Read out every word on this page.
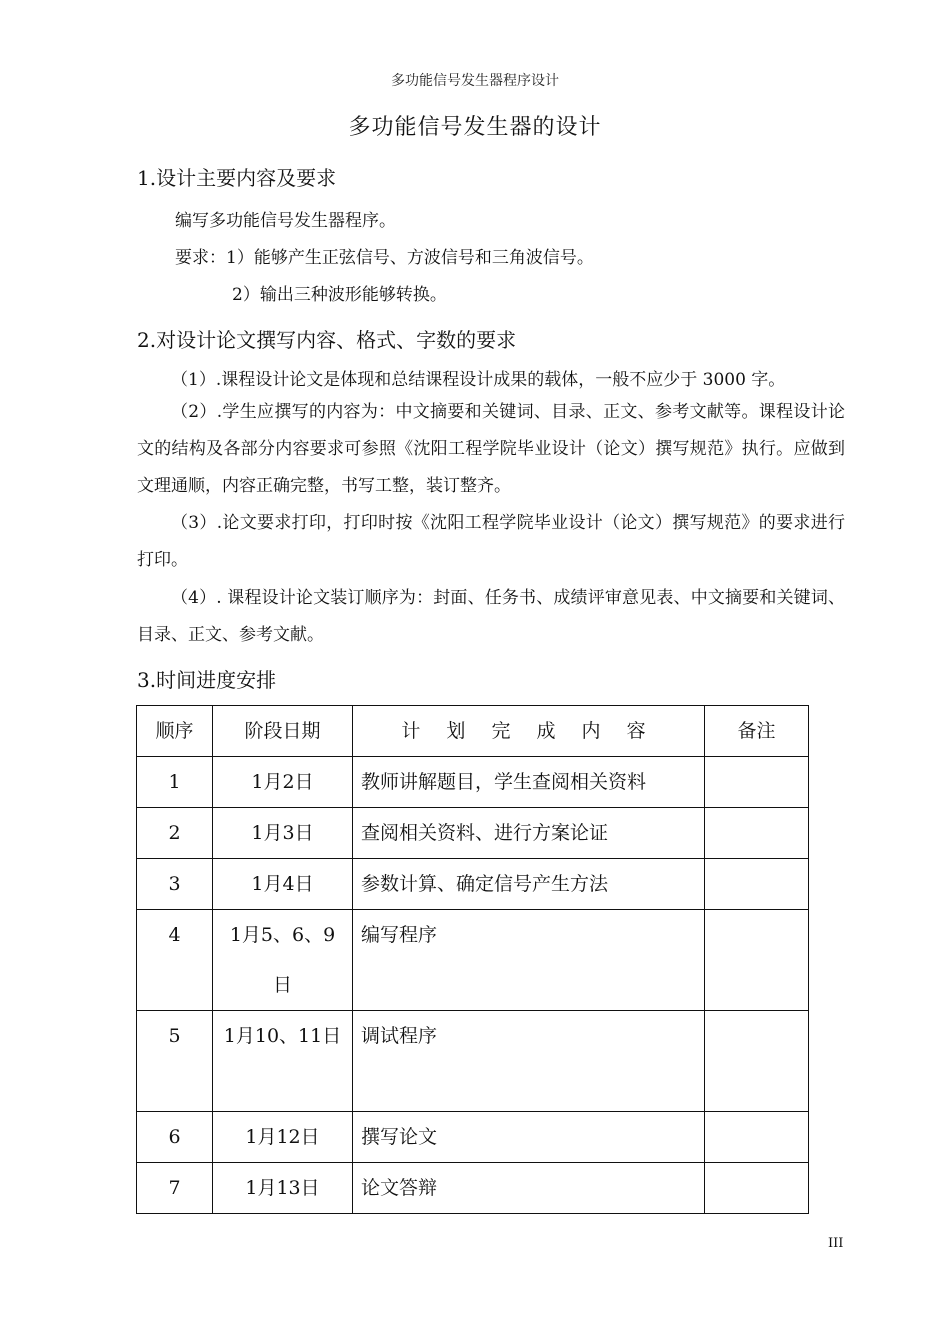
多功能信号发生器程序设计
多功能信号发生器的设计
1.设计主要内容及要求
编写多功能信号发生器程序。
要求：1）能够产生正弦信号、方波信号和三角波信号。
2）输出三种波形能够转换。
2.对设计论文撰写内容、格式、字数的要求
（1）.课程设计论文是体现和总结课程设计成果的载体，一般不应少于 3000 字。
（2）.学生应撰写的内容为：中文摘要和关键词、目录、正文、参考文献等。课程设计论文的结构及各部分内容要求可参照《沈阳工程学院毕业设计（论文）撰写规范》执行。应做到文理通顺，内容正确完整，书写工整，装订整齐。
（3）.论文要求打印，打印时按《沈阳工程学院毕业设计（论文）撰写规范》的要求进行打印。
（4）. 课程设计论文装订顺序为：封面、任务书、成绩评审意见表、中文摘要和关键词、目录、正文、参考文献。
3.时间进度安排
顺序	阶段日期	计 划 完 成 内 容	备注
1	1月2日	教师讲解题目，学生查阅相关资料	
2	1月3日	查阅相关资料、进行方案论证	
3	1月4日	参数计算、确定信号产生方法	
4	1月5、6、9日	编写程序	
5	1月10、11日	调试程序	
6	1月12日	撰写论文	
7	1月13日	论文答辩	
III
